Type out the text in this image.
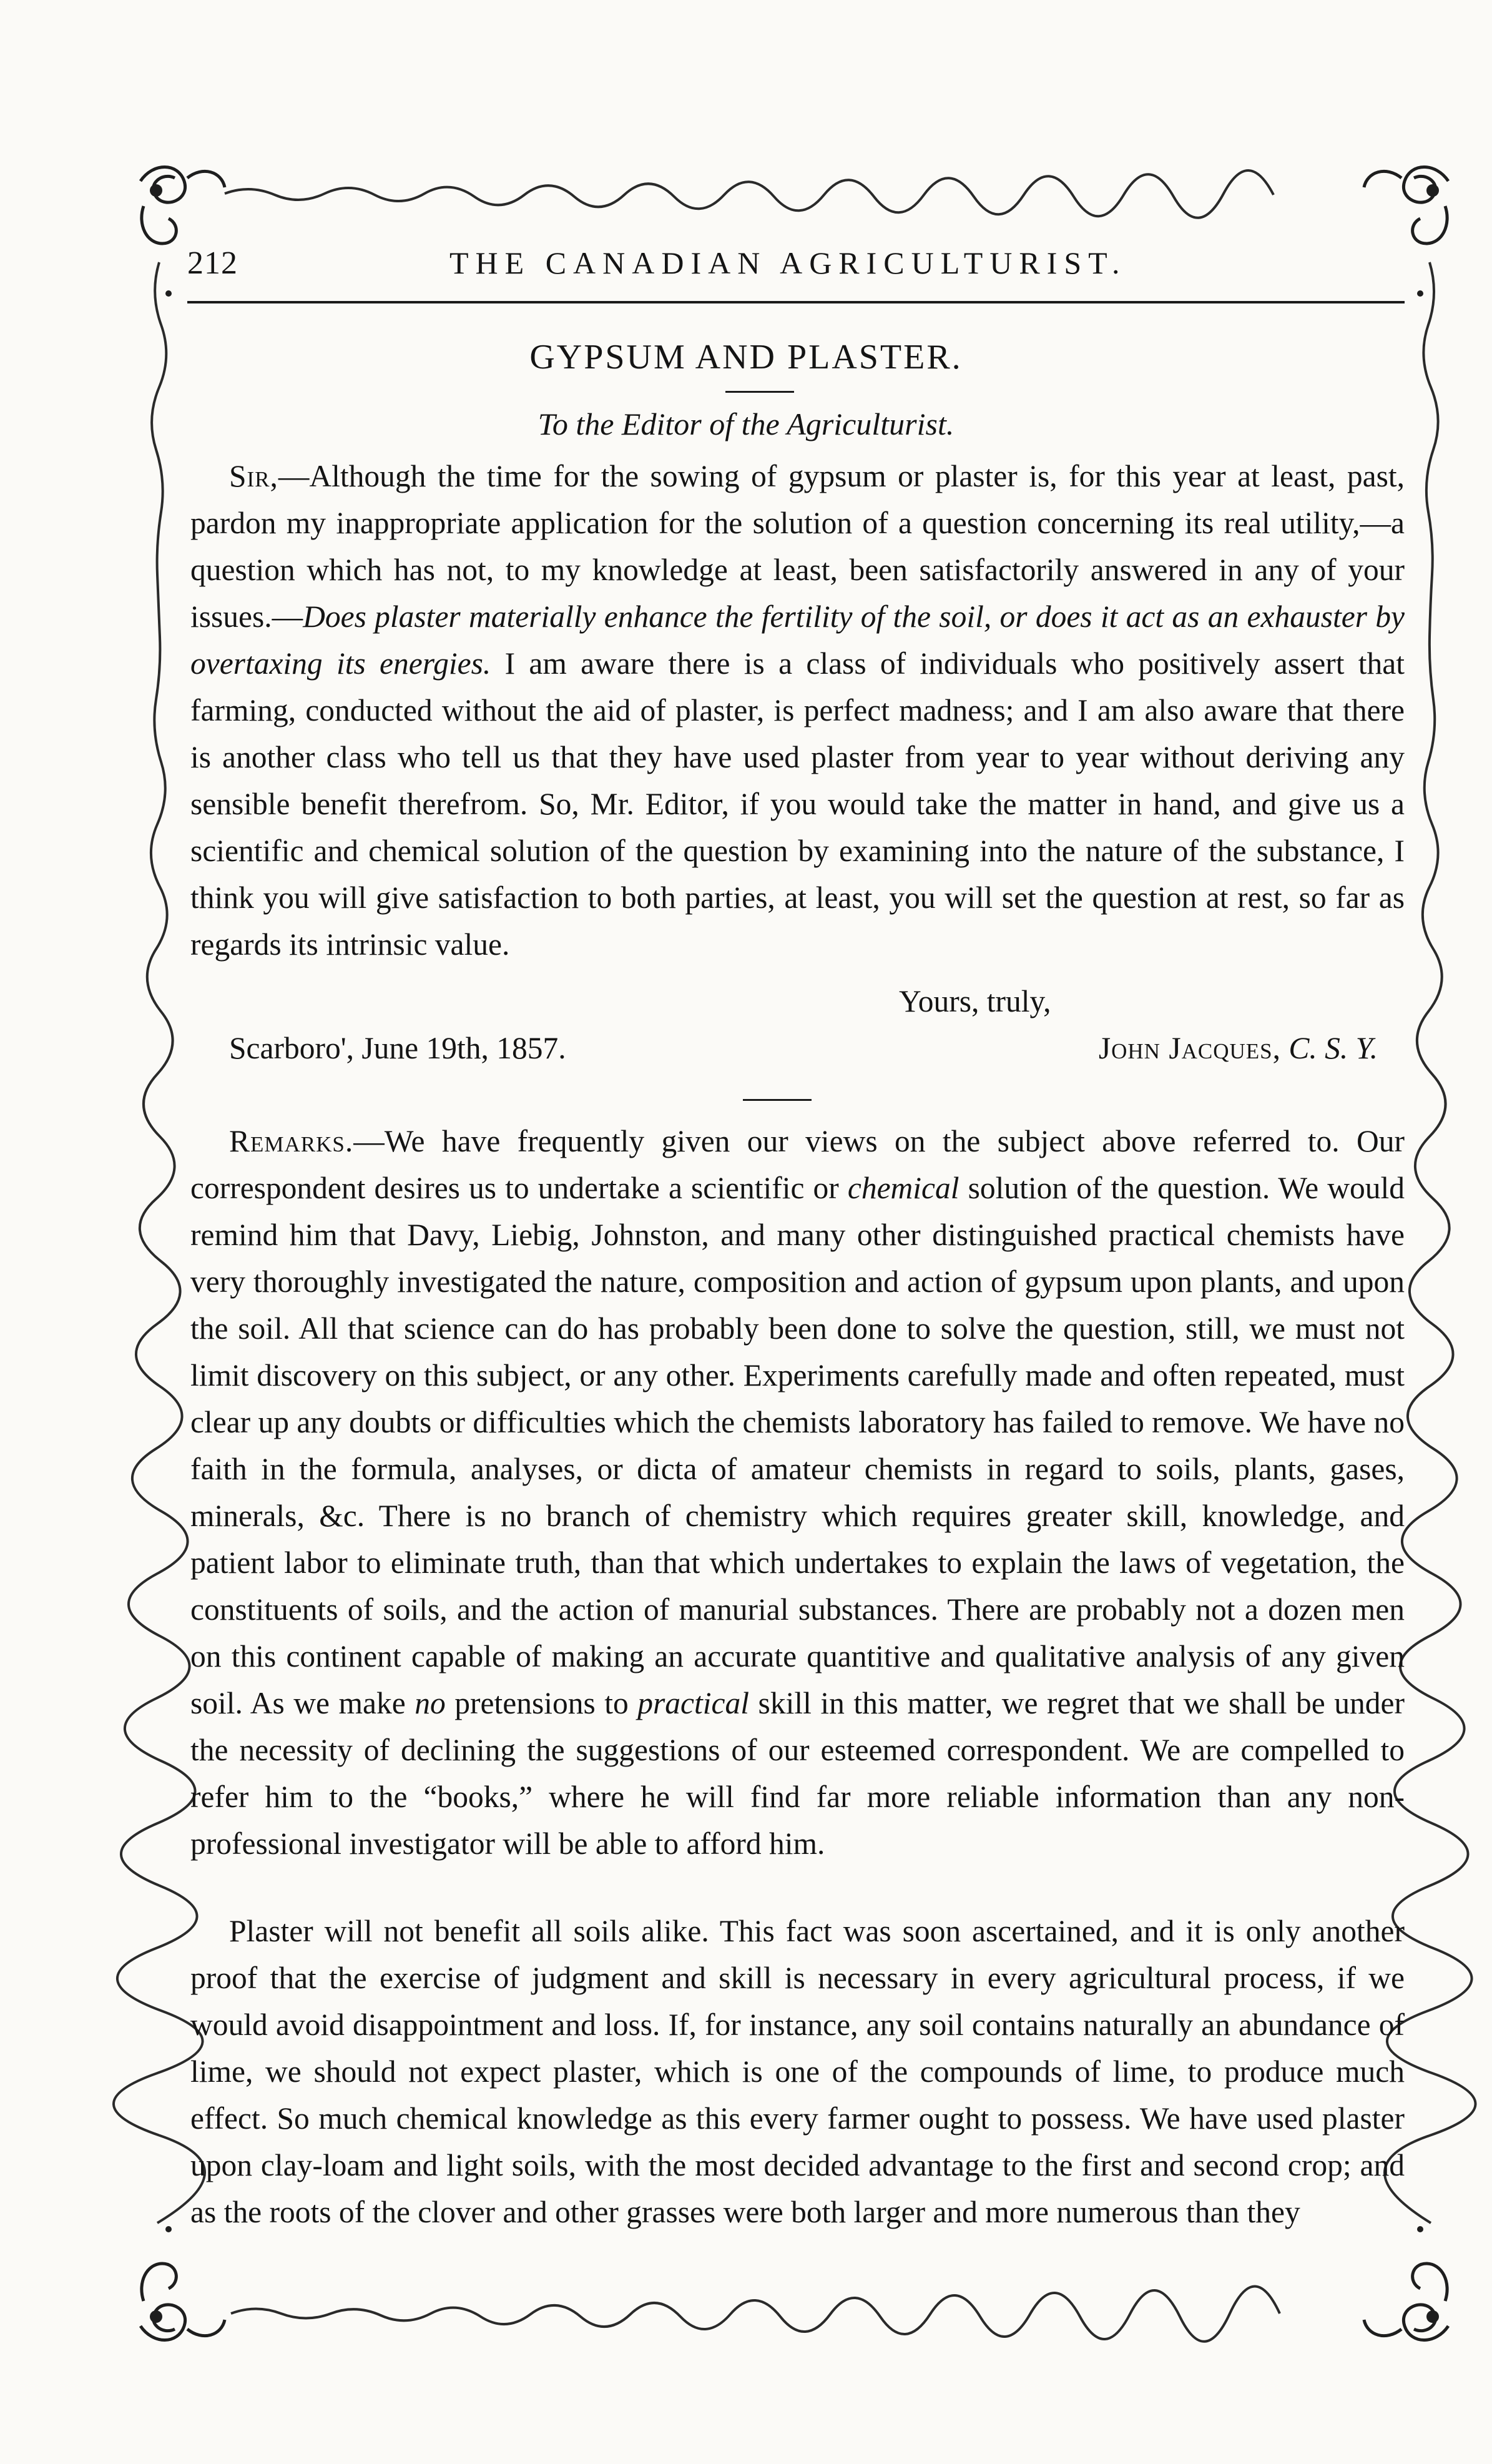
212	THE CANADIAN AGRICULTURIST.
GYPSUM AND PLASTER.
To the Editor of the Agriculturist.

Sir,—Although the time for the sowing of gypsum or plaster is, for this year at least, past, pardon my inappropriate application for the solution of a question concerning its real utility,—a question which has not, to my knowledge at least, been satisfactorily answered in any of your issues.—Does plaster materially enhance the fertility of the soil, or does it act as an exhauster by overtaxing its energies. I am aware there is a class of individuals who positively assert that farming, conducted without the aid of plaster, is perfect madness; and I am also aware that there is another class who tell us that they have used plaster from year to year without deriving any sensible benefit therefrom. So, Mr. Editor, if you would take the matter in hand, and give us a scientific and chemical solution of the question by examining into the nature of the substance, I think you will give satisfaction to both parties, at least, you will set the question at rest, so far as regards its intrinsic value.

Yours, truly,
Scarboro', June 19th, 1857.	John Jacques, C. S. Y.

Remarks.—We have frequently given our views on the subject above referred to. Our correspondent desires us to undertake a scientific or chemical solution of the question. We would remind him that Davy, Liebig, Johnston, and many other distinguished practical chemists have very thoroughly investigated the nature, composition and action of gypsum upon plants, and upon the soil. All that science can do has probably been done to solve the question, still, we must not limit discovery on this subject, or any other. Experiments carefully made and often repeated, must clear up any doubts or difficulties which the chemists laboratory has failed to remove. We have no faith in the formula, analyses, or dicta of amateur chemists in regard to soils, plants, gases, minerals, &c. There is no branch of chemistry which requires greater skill, knowledge, and patient labor to eliminate truth, than that which undertakes to explain the laws of vegetation, the constituents of soils, and the action of manurial substances. There are probably not a dozen men on this continent capable of making an accurate quantitive and qualitative analysis of any given soil. As we make no pretensions to practical skill in this matter, we regret that we shall be under the necessity of declining the suggestions of our esteemed correspondent. We are compelled to refer him to the “books,” where he will find far more reliable information than any non-professional investigator will be able to afford him.

Plaster will not benefit all soils alike. This fact was soon ascertained, and it is only another proof that the exercise of judgment and skill is necessary in every agricultural process, if we would avoid disappointment and loss. If, for instance, any soil contains naturally an abundance of lime, we should not expect plaster, which is one of the compounds of lime, to produce much effect. So much chemical knowledge as this every farmer ought to possess. We have used plaster upon clay-loam and light soils, with the most decided advantage to the first and second crop; and as the roots of the clover and other grasses were both larger and more numerous than they
